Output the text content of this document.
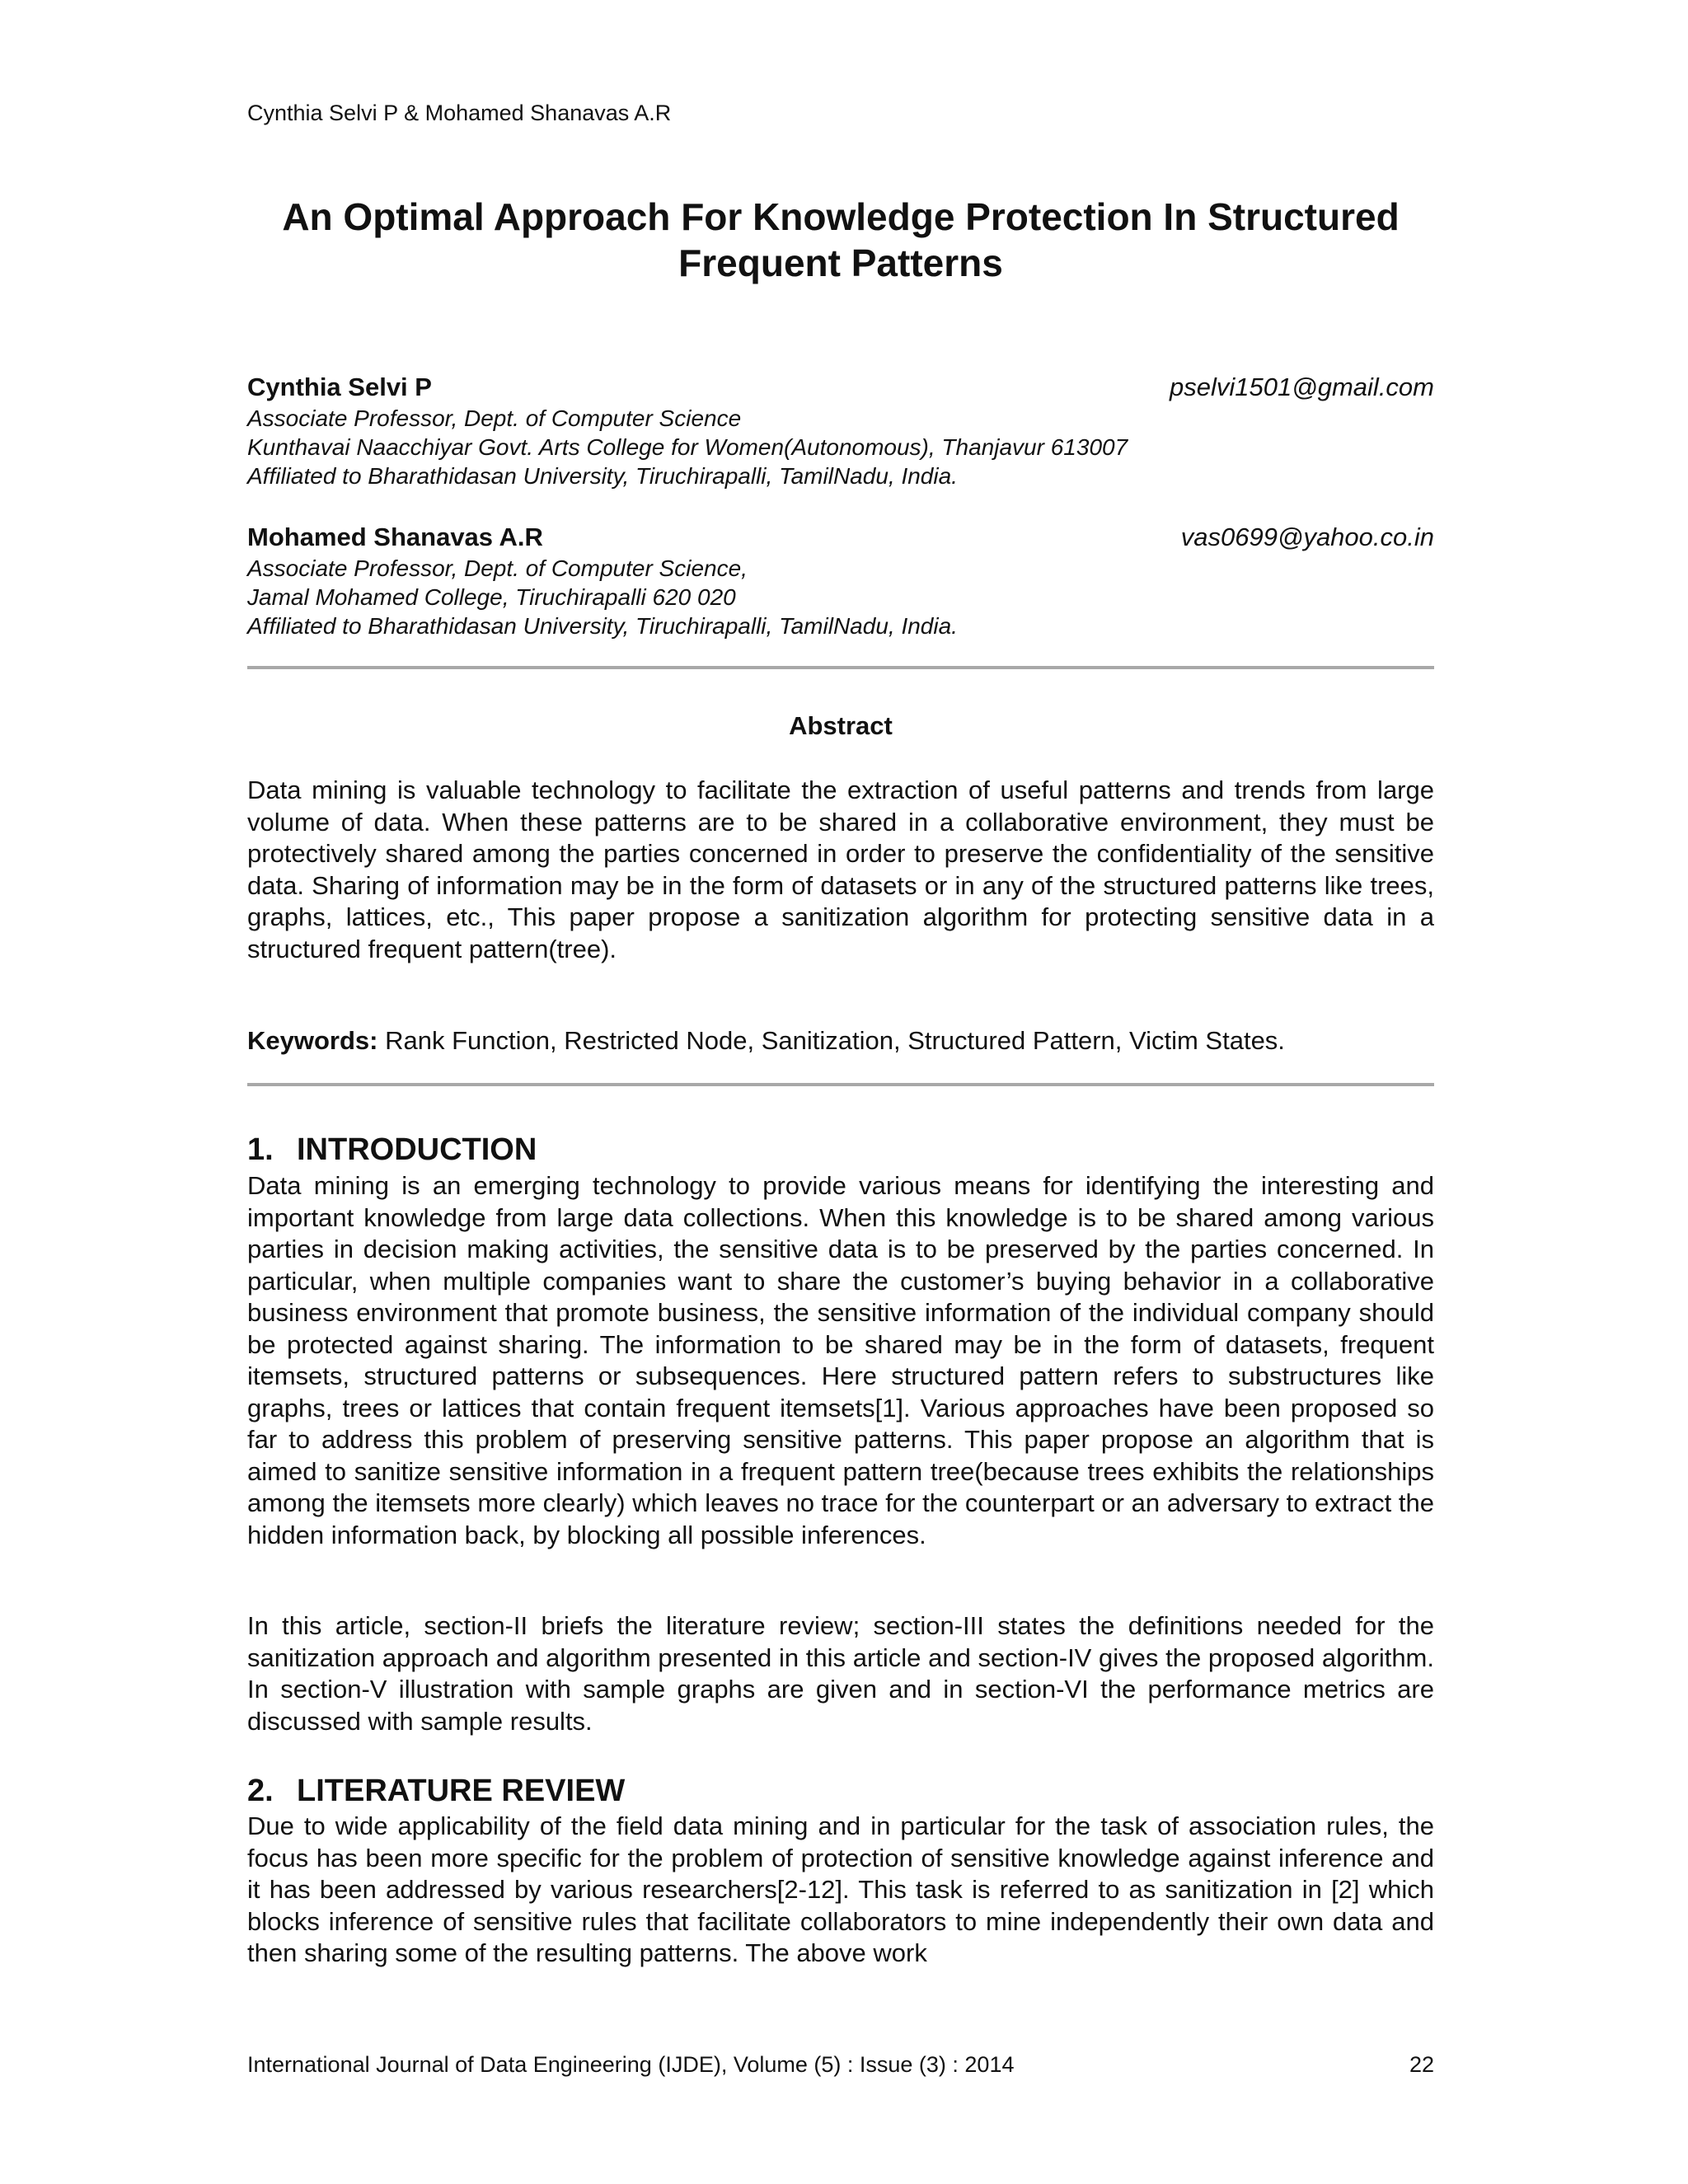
Cynthia Selvi P & Mohamed Shanavas A.R
An Optimal Approach For Knowledge Protection In Structured
Frequent Patterns
Cynthia Selvi P	pselvi1501@gmail.com
Associate Professor, Dept. of Computer Science
Kunthavai Naacchiyar Govt. Arts College for Women(Autonomous), Thanjavur 613007
Affiliated to Bharathidasan University, Tiruchirapalli, TamilNadu, India.
Mohamed Shanavas A.R	vas0699@yahoo.co.in
Associate Professor, Dept. of Computer Science,
Jamal Mohamed College, Tiruchirapalli 620 020
Affiliated to Bharathidasan University, Tiruchirapalli, TamilNadu, India.
Abstract
Data mining is valuable technology to facilitate the extraction of useful patterns and trends from large volume of data. When these patterns are to be shared in a collaborative environment, they must be protectively shared among the parties concerned in order to preserve the confidentiality of the sensitive data. Sharing of information may be in the form of datasets or in any of the structured patterns like trees, graphs, lattices, etc., This paper propose a sanitization algorithm for protecting sensitive data in a structured frequent pattern(tree).
Keywords: Rank Function, Restricted Node, Sanitization, Structured Pattern, Victim States.
1. INTRODUCTION
Data mining is an emerging technology to provide various means for identifying the interesting and important knowledge from large data collections. When this knowledge is to be shared among various parties in decision making activities, the sensitive data is to be preserved by the parties concerned. In particular, when multiple companies want to share the customer’s buying behavior in a collaborative business environment that promote business, the sensitive information of the individual company should be protected against sharing. The information to be shared may be in the form of datasets, frequent itemsets, structured patterns or subsequences. Here structured pattern refers to substructures like graphs, trees or lattices that contain frequent itemsets[1]. Various approaches have been proposed so far to address this problem of preserving sensitive patterns. This paper propose an algorithm that is aimed to sanitize sensitive information in a frequent pattern tree(because trees exhibits the relationships among the itemsets more clearly) which leaves no trace for the counterpart or an adversary to extract the hidden information back, by blocking all possible inferences.
In this article, section-II briefs the literature review; section-III states the definitions needed for the sanitization approach and algorithm presented in this article and section-IV gives the proposed algorithm. In section-V illustration with sample graphs are given and in section-VI the performance metrics are discussed with sample results.
2. LITERATURE REVIEW
Due to wide applicability of the field data mining and in particular for the task of association rules, the focus has been more specific for the problem of protection of sensitive knowledge against inference and it has been addressed by various researchers[2-12]. This task is referred to as sanitization in [2] which blocks inference of sensitive rules that facilitate collaborators to mine independently their own data and then sharing some of the resulting patterns. The above work
International Journal of Data Engineering (IJDE), Volume (5) : Issue (3) : 2014	22
